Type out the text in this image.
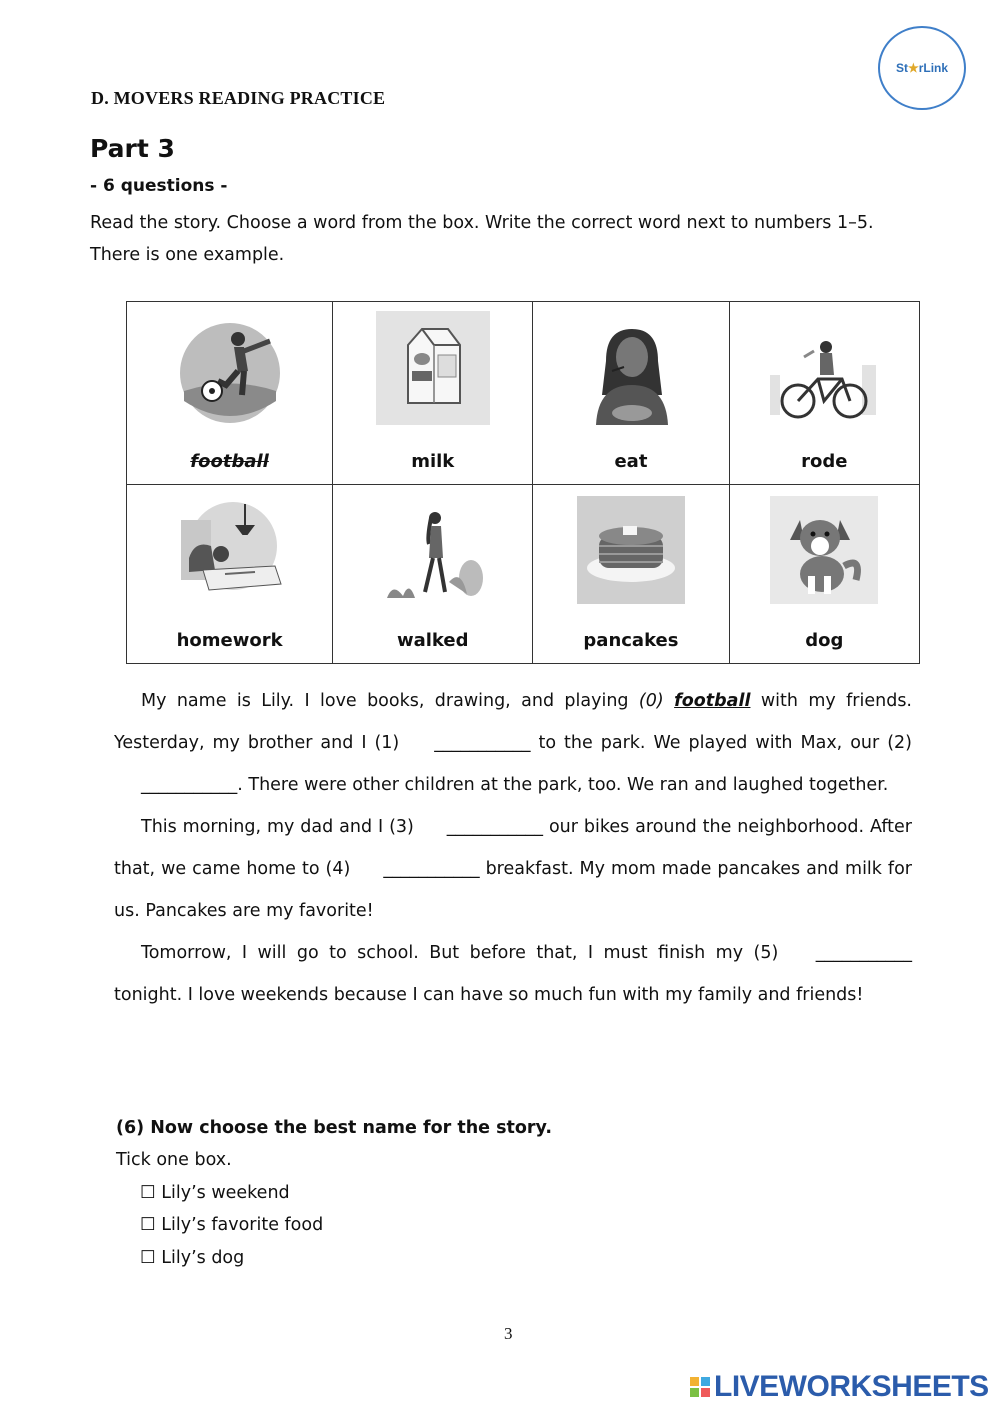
St★rLink
D. MOVERS READING PRACTICE
Part 3
- 6 questions -
Read the story. Choose a word from the box. Write the correct word next to numbers 1–5. There is one example.
football	milk	eat	rode

homework	walked	pancakes	dog

My name is Lily. I love books, drawing, and playing (0) football with my friends. Yesterday, my brother and I (1) ___________ to the park. We played with Max, our (2) ___________. There were other children at the park, too. We ran and laughed together.

This morning, my dad and I (3) ___________ our bikes around the neighborhood. After that, we came home to (4) ___________ breakfast. My mom made pancakes and milk for us. Pancakes are my favorite!

Tomorrow, I will go to school. But before that, I must finish my (5) ___________ tonight. I love weekends because I can have so much fun with my family and friends!

(6) Now choose the best name for the story.
Tick one box.
☐ Lily’s weekend
☐ Lily’s favorite food
☐ Lily’s dog
3
LIVEWORKSHEETS
